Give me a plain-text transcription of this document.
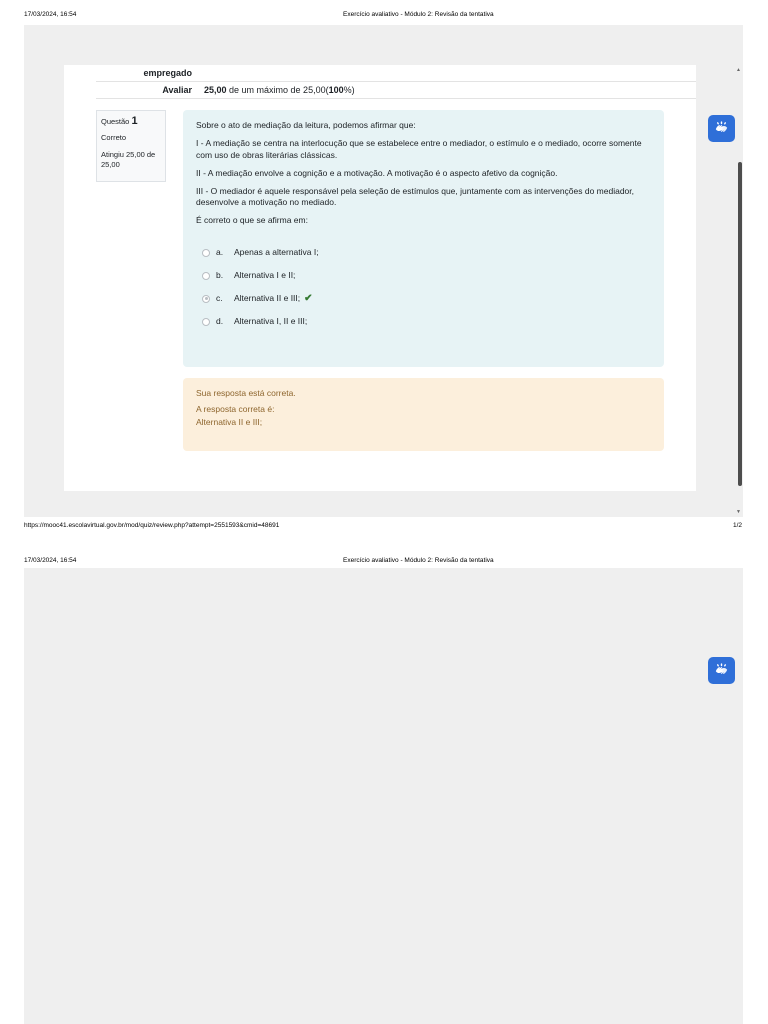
17/03/2024, 16:54	Exercício avaliativo - Módulo 2: Revisão da tentativa
empregado
Avaliar	25,00 de um máximo de 25,00(100%)
Questão 1
Correto
Atingiu 25,00 de 25,00

Sobre o ato de mediação da leitura, podemos afirmar que:

I - A mediação se centra na interlocução que se estabelece entre o mediador, o estímulo e o mediado, ocorre somente com uso de obras literárias clássicas.

II - A mediação envolve a cognição e a motivação. A motivação é o aspecto afetivo da cognição.

III - O mediador é aquele responsável pela seleção de estímulos que, juntamente com as intervenções do mediador, desenvolve a motivação no mediado.

É correto o que se afirma em:

a.	Apenas a alternativa I;
b.	Alternativa I e II;
c.	Alternativa II e III; ✔
d.	Alternativa I, II e III;

Sua resposta está correta.

A resposta correta é:

Alternativa II e III;

▲
▼
https://mooc41.escolavirtual.gov.br/mod/quiz/review.php?attempt=2551593&cmid=48691	1/2
17/03/2024, 16:54	Exercício avaliativo - Módulo 2: Revisão da tentativa
